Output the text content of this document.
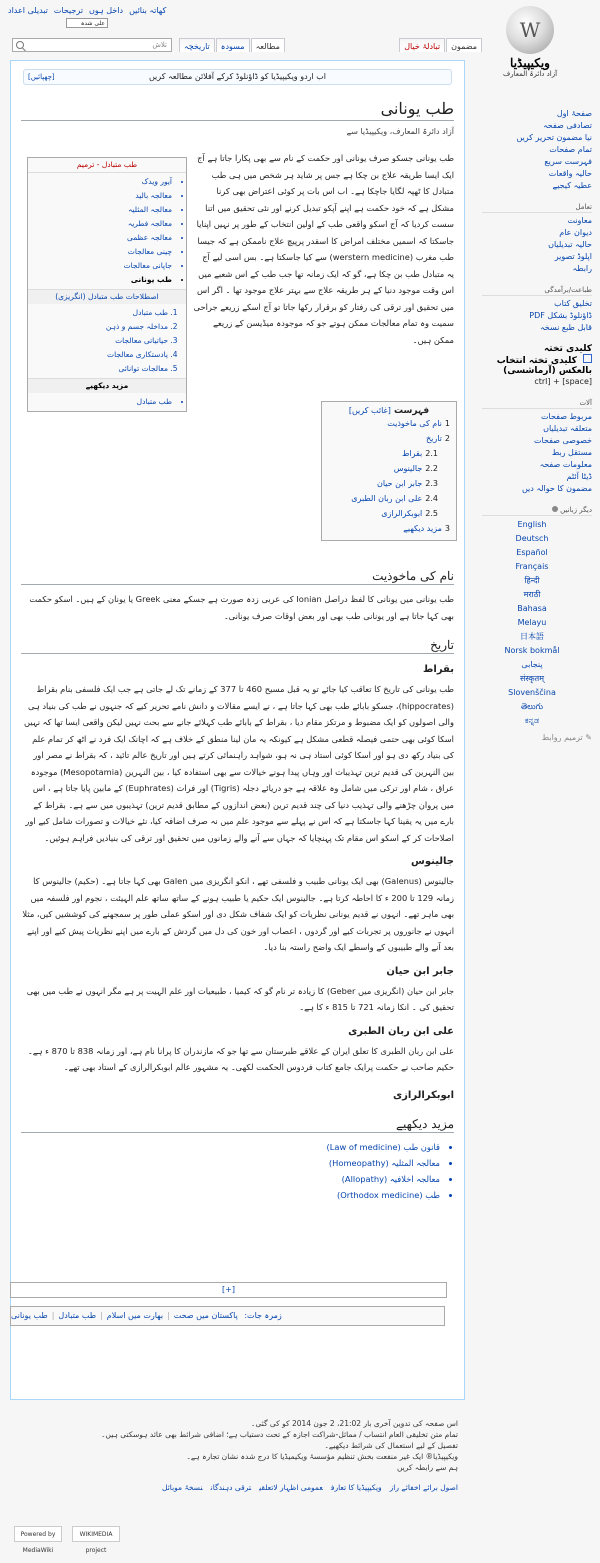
کھاتہ بنائیں
داخل ہوں
ترجیحات
تبدیلی اعداد
علی شدہ
W
ویکیپیڈیا
آزاد دائرۃ المعارف
مضمون
تبادلۂ خیال
مطالعہ
مسودہ
تاریخچہ
تلاش
صفحۂ اول
تصادفی صفحہ
نیا مضمون تحریر کریں
تمام صفحات
فہرست سریع
حالیہ واقعات
عطیہ کیجیے
تعامل
معاونت
دیوان عام
حالیہ تبدیلیاں
اپلوڈ تصویر
رابطہ
طباعت/برآمدگی
تخلیق کتاب
ڈاؤنلوڈ بشکل PDF
قابل طبع نسخہ
کلیدی تختہ
کلیدی تختہ انتخاب بالعکس (آرماشسی)
ctrl] + [space]
آلات
مربوط صفحات
متعلقہ تبدیلیاں
خصوصی صفحات
مستقل ربط
معلومات صفحہ
ڈیٹا آئٹم
مضمون کا حوالہ دیں
دیگر زبانیں
English
Deutsch
Español
Français
हिन्दी
मराठी
Bahasa Melayu
日本語
Norsk bokmål
پنجابی
संस्कृतम्
Slovenščina
తెలుగు
ಕನ್ನಡ
✎ ترمیم روابط
اب اردو ویکیپیڈیا کو ڈاؤنلوڈ کرکے آفلائن مطالعہ کریں
[چھپائیں]
طب یونانی
آزاد دائرۃ المعارف، ویکیپیڈیا سے

طب یونانی جسکو صرف یونانی اور حکمت کے نام سے بھی پکارا جاتا ہے آج ایک ایسا طریقہ علاج بن چکا ہے جس پر شاید ہر شخص میں ہی طب متبادل کا ٹھپہ لگایا جاچکا ہے۔ اب اس بات پر کوئی اعتراض بھی کرنا مشکل ہے کہ خود حکمت ہے اپنے آپکو تبدیل کرنے اور نئی تحقیق میں اتنا سست کردیا کہ آج اسکو واقعی طب کے اولین انتخاب کے طور پر نہیں اپنایا جاسکتا کہ اسمیں مختلف امراض کا اسقدر پرپیچ علاج ناممکن ہے کہ جیسا طب مغرب (werstern medicine) سے کیا جاسکتا ہے۔ بس اسی لیے آج یہ متبادل طب بن چکا ہے، گو کہ ایک زمانہ تھا جب طب کے اس شعبے میں اس وقت موجود دنیا کے ہر طریقہ علاج سے بہتر علاج موجود تھا ۔ اگر اس میں تحقیق اور ترقی کی رفتار کو برقرار رکھا جاتا تو آج اسکے زریعے جراحی سمیت وہ تمام معالجات ممکن ہوتے جو کہ موجودہ میڈیسن کے زریعے ممکن ہیں۔

طب متبادل - ترمیم
• آیور ویدک
• معالجہ بالید
• معالجہ المثلیہ
• معالجہ فطریہ
• معالجہ عظمی
• چینی معالجات
• جاپانی معالجات
• طب یونانی
اصطلاحات طب متبادل (انگریزی)
1. طب متبادل
2. مداخلہ جسم و ذہن
3. حیاتیاتی معالجات
4. یادستکاری معالجات
5. معالجات توانائی
مزید دیکھیے
• طب متبادل
فہرست [غائب کریں]
1نام کی ماخوذیت
2تاریخ
2.1بقراط
2.2جالینوس
2.3جابر ابن حیان
2.4علی ابن ربان الطبری
2.5ابوبکرالرازی
3مزید دیکھیے
نام کی ماخوذیت

طب یونانی میں یونانی کا لفظ دراصل Ionian کی عربی زدہ صورت ہے جسکے معنی Greek یا یونان کے ہیں۔ اسکو حکمت بھی کہا جاتا ہے اور یونانی طب بھی اور بعض اوقات صرف یونانی۔

تاریخ
بقراط

طب یونانی کی تاریخ کا تعاقب کیا جائے تو یہ قبل مسیح 460 تا 377 کے زمانے تک لے جاتی ہے جب ایک فلسفی بنام بقراط (hippocrates)، جسکو بابائے طب بھی کہا جاتا ہے ، نے ایسے مقالات و دانش نامے تحریر کیے کہ جنہوں نے طب کی بنیاد ہی والی اصولوں کو ایک مضبوط و مرتکز مقام دیا ، بقراط کے بابائے طب کہلائے جانے سے بحث نہیں لیکن واقعی ایسا تھا کہ نہیں اسکا کوئی بھی حتمی فیصلہ قطعی مشکل ہے کیونکہ یہ مان لینا منطق کے خلاف ہے کہ اچانک ایک فرد نے اٹھ کر تمام علم کی بنیاد رکھ دی ہو اور اسکا کوئی استاد ہی نہ ہو، شواہد راہنمائی کرتے ہیں اور تاریخ عالم تائید ، کہ بقراط نے مصر اور بین النہرین کی قدیم ترین تہذیبات اور وہاں پیدا ہونے خیالات سے بھی استفادہ کیا ، بین النہرین (Mesopotamia) موجودہ عراق ، شام اور ترکی میں شامل وہ علاقہ ہے جو دریائے دجلہ (Tigris) اور فرات (Euphrates) کے مابین پایا جاتا ہے ، اس میں پروان چڑھنے والی تہذیب دنیا کی چند قدیم ترین (بعض اندازوں کے مطابق قدیم ترین) تہذیبوں میں سے ہے۔ بقراط کے بارے میں یہ یقینا کہا جاسکتا ہے کہ اس نے پہلے سے موجود علم میں نہ صرف اضافہ کیا، نئے خیالات و تصورات شامل کیے اور اصلاحات کر کے اسکو اس مقام تک پہنچایا کہ جہاں سے آنے والے زمانوں میں تحقیق اور ترقی کی بنیادیں فراہم ہوئیں۔

جالینوس

جالینوس (Galenus) بھی ایک یونانی طبیب و فلسفی تھے ، انکو انگریزی میں Galen بھی کہا جاتا ہے۔ (حکیم) جالینوس کا زمانہ 129 تا 200 ء کا احاطہ کرتا ہے۔ جالینوس ایک حکیم یا طبیب ہونے کے ساتھ ساتھ علم الہیئت ، نجوم اور فلسفہ میں بھی ماہر تھے۔ انہوں نے قدیم یونانی نظریات کو ایک شفاف شکل دی اور اسکو عملی طور پر سمجھنے کی کوششیں کیں، مثلا انہوں نے جانوروں پر تجربات کیے اور گردوں ، اعصاب اور خون کی دل میں گردش کے بارے میں اپنے نظریات پیش کیے اور اپنے بعد آنے والے طبیبوں کے واسطے ایک واضح راستہ بنا دیا۔

جابر ابن حیان

جابر ابن حیان (انگریزی میں Geber) کا زیادہ تر نام گو کہ کیمیا ، طبیعیات اور علم الہیت پر ہے مگر انہوں نے طب میں بھی تحقیق کی ۔ انکا زمانہ 721 تا 815 ء کا ہے۔

علی ابن ربان الطبری

علی ابن ربان الطبری کا تعلق ایران کے علاقے طبرستان سے تھا جو کہ مازندران کا پرانا نام ہے، اور زمانہ 838 تا 870 ء ہے۔ حکیم صاحب نے حکمت پرایک جامع کتاب فردوس الحکمت لکھی۔ یہ مشہور عالم ابوبکرالرازی کے استاد بھی تھے۔

ابوبکرالرازی
مزید دیکھیے
• قانون طب (Law of medicine)
• معالجہ المثلیہ (Homeopathy)
• معالجہ اخلافیہ (Allopathy)
• طب (Orthodox medicine)
[+]
زمرہ جات: پاکستان میں صحت|بھارت میں اسلام|طب متبادل|طب یونانی
اس صفحہ کی تدوین آخری بار 21:02، 2 جون 2014 کو کی گئی۔
تمام متن تخلیقی العام انتساب / مماثل-شراکت اجازہ کے تحت دستیاب ہے؛ اضافی شرائط بھی عائد ہوسکتی ہیں۔
تفصیل کے لیے استعمال کی شرائط دیکھیے۔
ویکیپیڈیا® ایک غیر منفعت بخش تنظیم مؤسسۂ ویکیمیڈیا کا درج شدہ نشان تجارہ ہے۔
ہم سے رابطہ کریں
اصول برائے اخفائے رازویکیپیڈیا کا تعارفعمومی اظہار لاتعلقیترقی دہندگاننسخۂ موبائل
Powered by MediaWiki
WIKIMEDIA project
